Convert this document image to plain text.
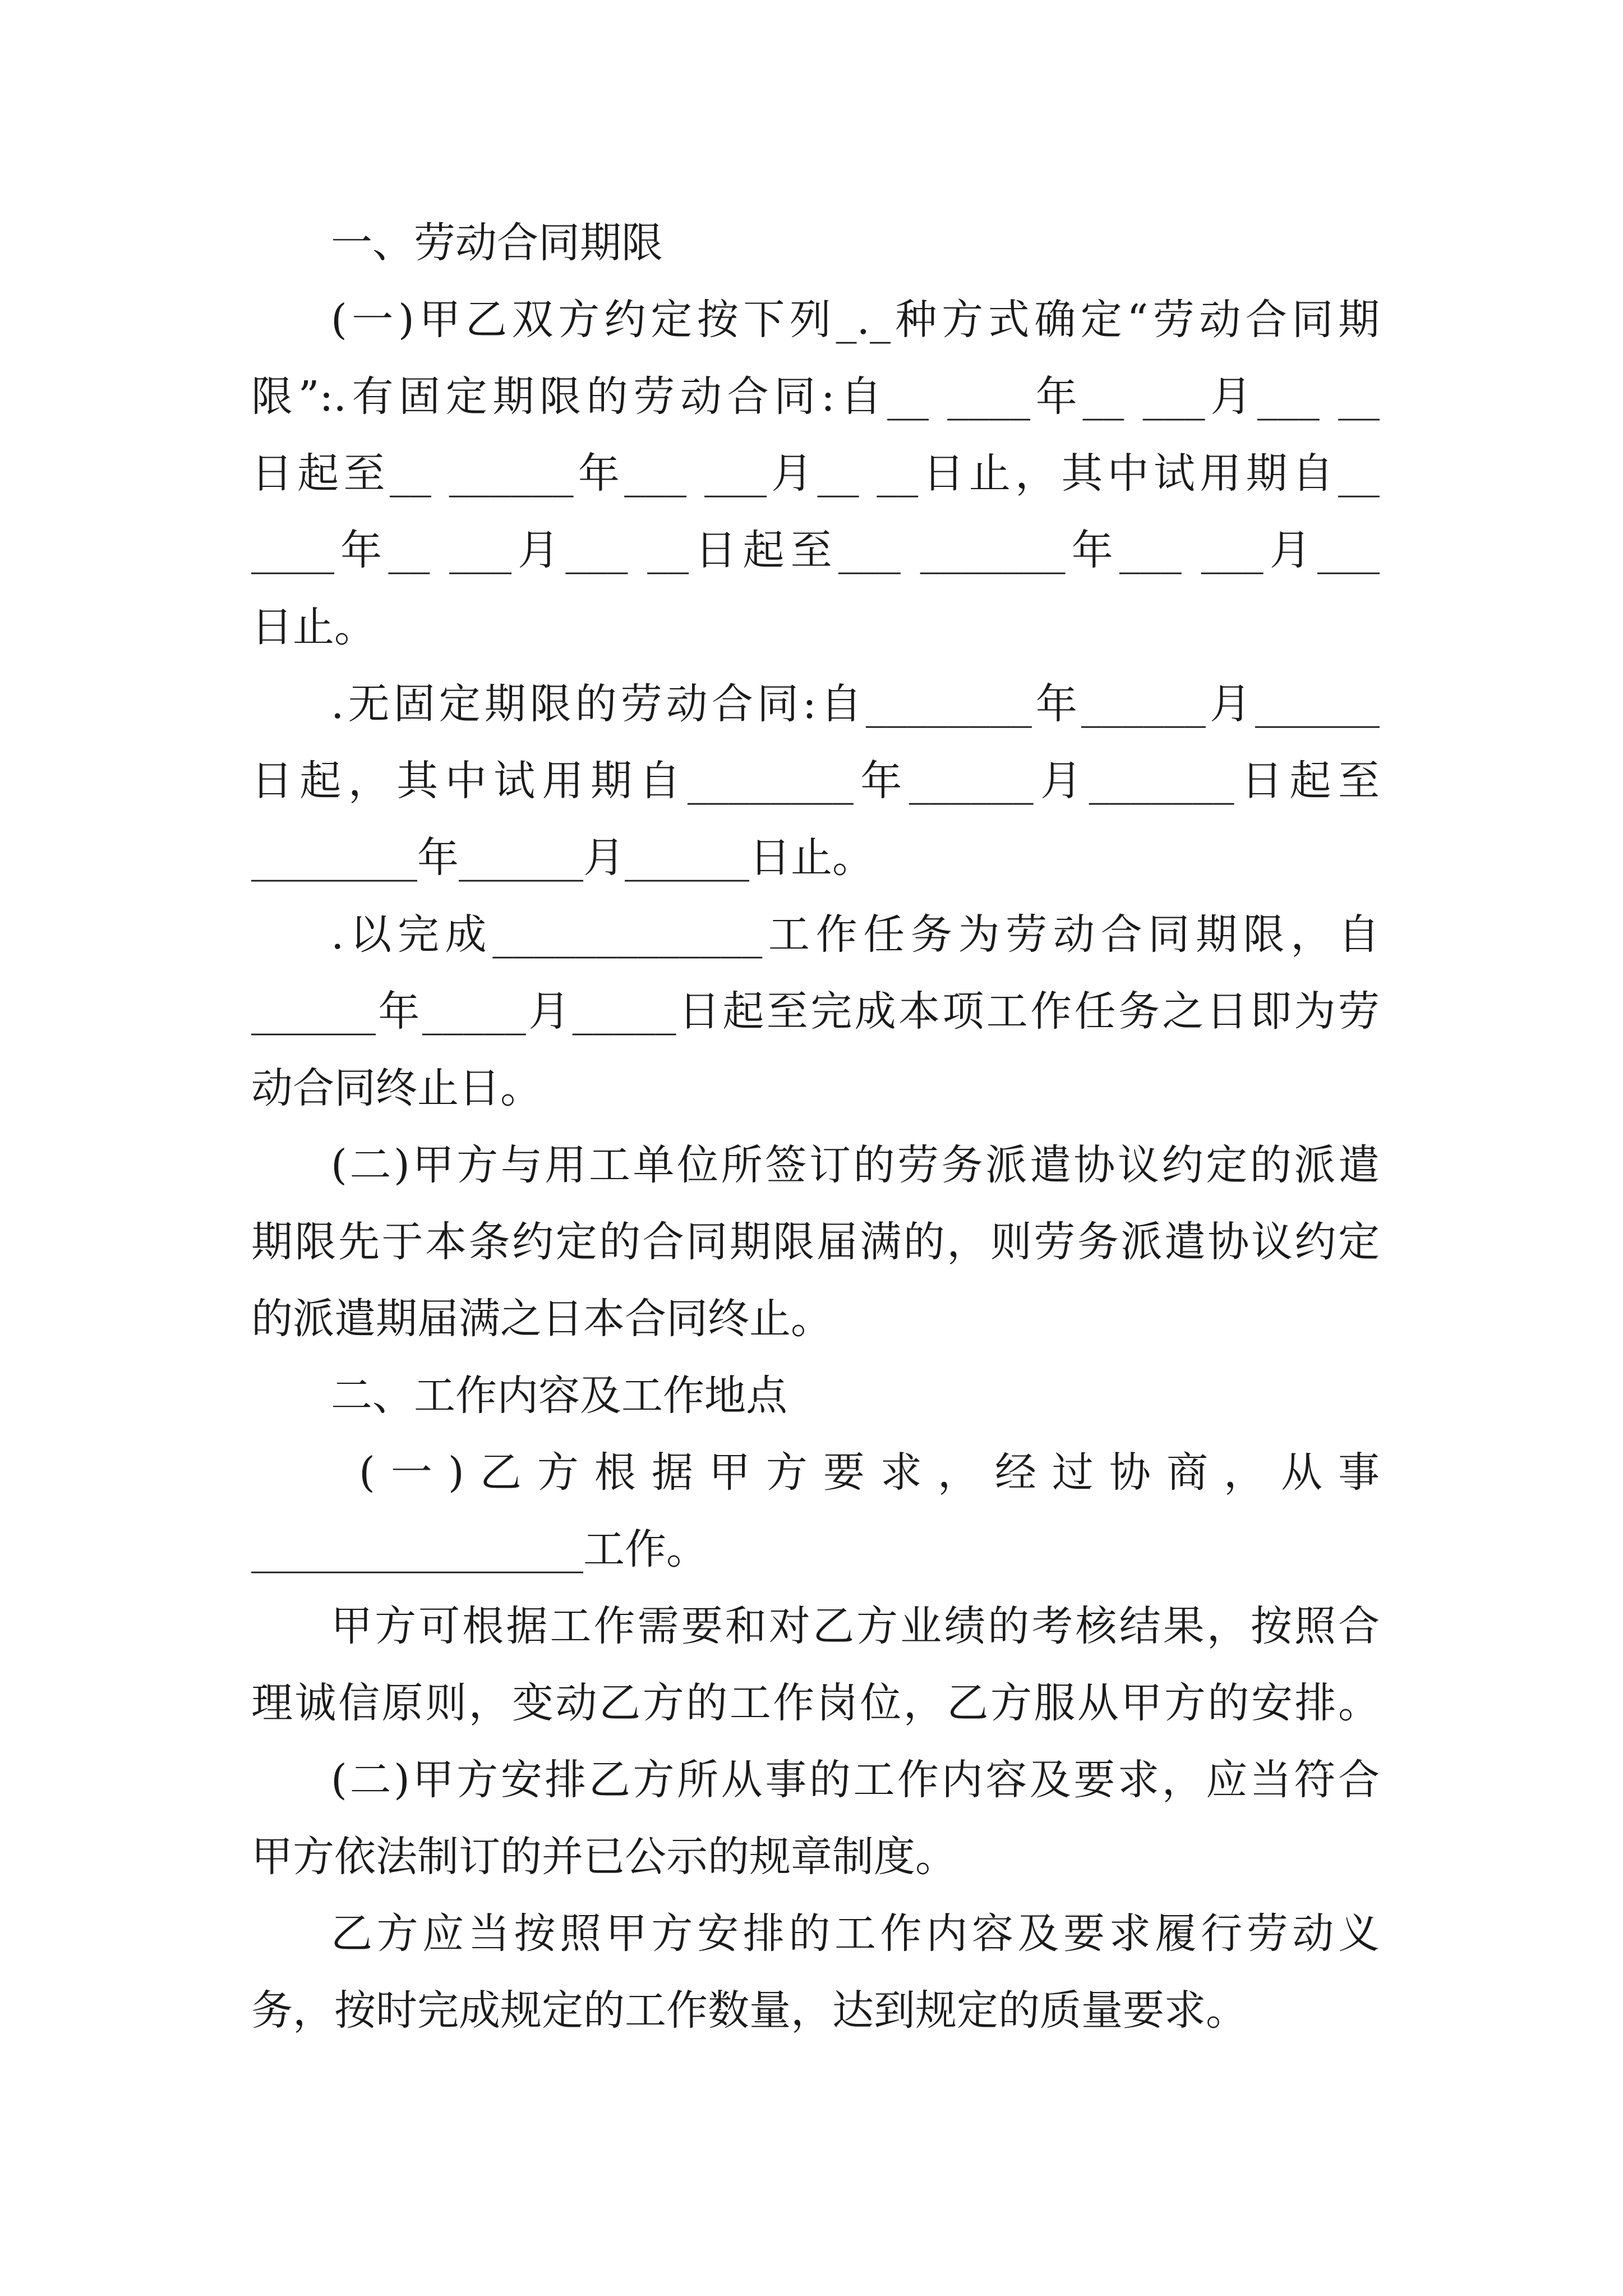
一、劳动合同期限
(一)甲乙双方约定按下列_._种方式确定“劳动合同期
限”:.有固定期限的劳动合同:自__ ____年__ ___月___ __
日起至__ ______年___ ___月__ __日止，其中试用期自__
____年__ ___月___ __日起至___ _______年___ ___月___
日止。
.无固定期限的劳动合同:自________年______月______
日起，其中试用期自________年______月_______日起至
________年______月______日止。
.以完成_____________工作任务为劳动合同期限，自
______年_____月_____日起至完成本项工作任务之日即为劳
动合同终止日。
(二)甲方与用工单位所签订的劳务派遣协议约定的派遣
期限先于本条约定的合同期限届满的，则劳务派遣协议约定
的派遣期届满之日本合同终止。
二、工作内容及工作地点
(一)乙方根据甲方要求，经过协商，从事
________________工作。
甲方可根据工作需要和对乙方业绩的考核结果，按照合
理诚信原则，变动乙方的工作岗位，乙方服从甲方的安排。
(二)甲方安排乙方所从事的工作内容及要求，应当符合
甲方依法制订的并已公示的规章制度。
乙方应当按照甲方安排的工作内容及要求履行劳动义
务，按时完成规定的工作数量，达到规定的质量要求。
